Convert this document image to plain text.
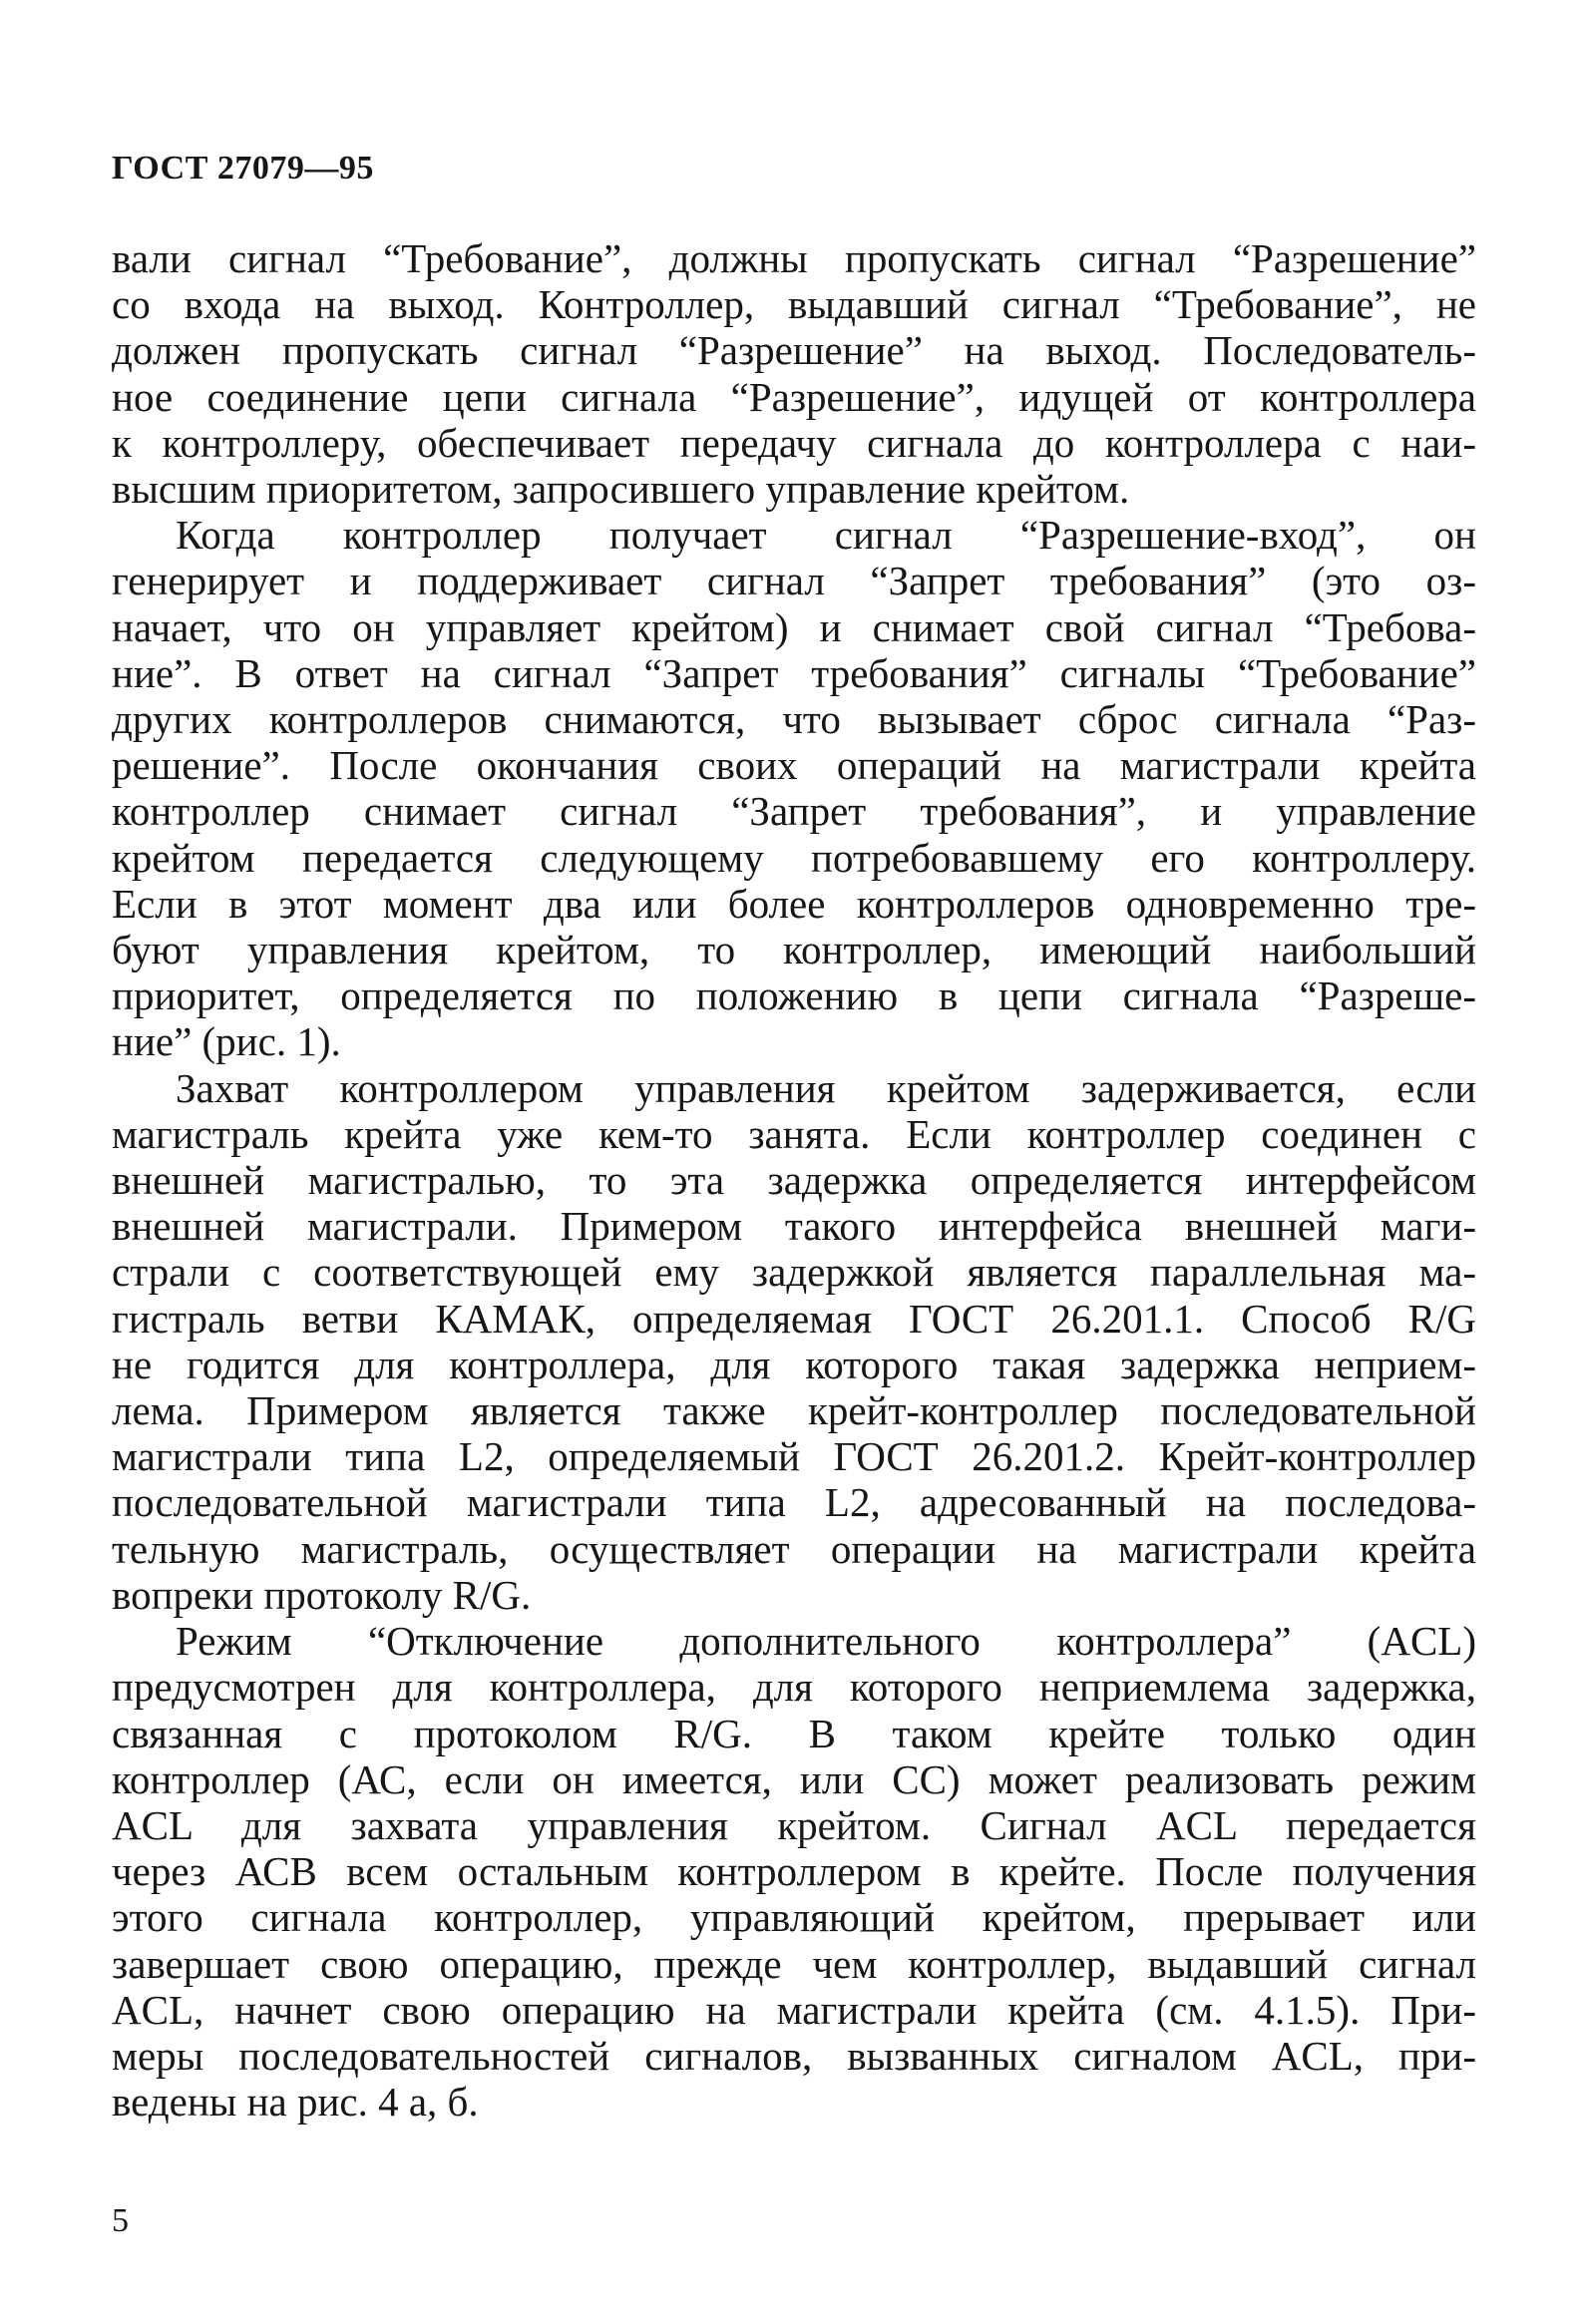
ГОСТ 27079—95
вали сигнал “Требование”, должны пропускать сигнал “Разрешение”
со входа на выход. Контроллер, выдавший сигнал “Требование”, не
должен пропускать сигнал “Разрешение” на выход. Последователь-
ное соединение цепи сигнала “Разрешение”, идущей от контроллера
к контроллеру, обеспечивает передачу сигнала до контроллера с наи-
высшим приоритетом, запросившего управление крейтом.
Когда контроллер получает сигнал “Разрешение-вход”, он
генерирует и поддерживает сигнал “Запрет требования” (это оз-
начает, что он управляет крейтом) и снимает свой сигнал “Требова-
ние”. В ответ на сигнал “Запрет требования” сигналы “Требование”
других контроллеров снимаются, что вызывает сброс сигнала “Раз-
решение”. После окончания своих операций на магистрали крейта
контроллер снимает сигнал “Запрет требования”, и управление
крейтом передается следующему потребовавшему его контроллеру.
Если в этот момент два или более контроллеров одновременно тре-
буют управления крейтом, то контроллер, имеющий наибольший
приоритет, определяется по положению в цепи сигнала “Разреше-
ние” (рис. 1).
Захват контроллером управления крейтом задерживается, если
магистраль крейта уже кем-то занята. Если контроллер соединен с
внешней магистралью, то эта задержка определяется интерфейсом
внешней магистрали. Примером такого интерфейса внешней маги-
страли с соответствующей ему задержкой является параллельная ма-
гистраль ветви КАМАК, определяемая ГОСТ 26.201.1. Способ R/G
не годится для контроллера, для которого такая задержка неприем-
лема. Примером является также крейт-контроллер последовательной
магистрали типа L2, определяемый ГОСТ 26.201.2. Крейт-контроллер
последовательной магистрали типа L2, адресованный на последова-
тельную магистраль, осуществляет операции на магистрали крейта
вопреки протоколу R/G.
Режим “Отключение дополнительного контроллера” (ACL)
предусмотрен для контроллера, для которого неприемлема задержка,
связанная с протоколом R/G. В таком крейте только один
контроллер (АС, если он имеется, или СС) может реализовать режим
ACL для захвата управления крейтом. Сигнал ACL передается
через АСВ всем остальным контроллером в крейте. После получения
этого сигнала контроллер, управляющий крейтом, прерывает или
завершает свою операцию, прежде чем контроллер, выдавший сигнал
ACL, начнет свою операцию на магистрали крейта (см. 4.1.5). При-
меры последовательностей сигналов, вызванных сигналом ACL, при-
ведены на рис. 4 а, б.
5
